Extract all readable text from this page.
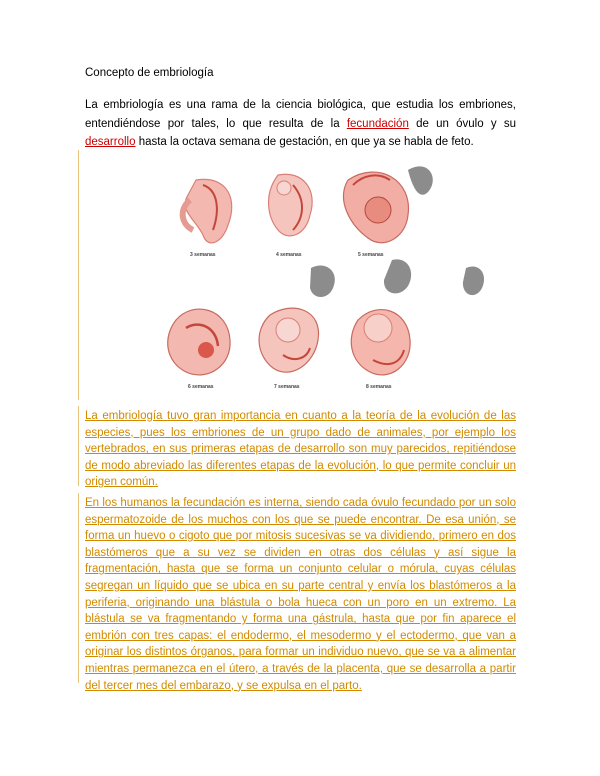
Concepto de embriología
La embriología es una rama de la ciencia biológica, que estudia los embriones, entendiéndose por tales, lo que resulta de la fecundación de un óvulo y su desarrollo hasta la octava semana de gestación, en que ya se habla de feto.
3 semanas	4 semanas	5 semanas
6 semanas	7 semanas	8 semanas
La embriología tuvo gran importancia en cuanto a la teoría de la evolución de las especies, pues los embriones de un grupo dado de animales, por ejemplo los vertebrados, en sus primeras etapas de desarrollo son muy parecidos, repitiéndose de modo abreviado las diferentes etapas de la evolución, lo que permite concluir un origen común.
En los humanos la fecundación es interna, siendo cada óvulo fecundado por un solo espermatozoide de los muchos con los que se puede encontrar. De esa unión, se forma un huevo o cigoto que por mitosis sucesivas se va dividiendo, primero en dos blastómeros que a su vez se dividen en otras dos células y así sigue la fragmentación, hasta que se forma un conjunto celular o mórula, cuyas células segregan un líquido que se ubica en su parte central y envía los blastómeros a la periferia, originando una blástula o bola hueca con un poro en un extremo. La blástula se va fragmentando y forma una gástrula, hasta que por fin aparece el embrión con tres capas: el endodermo, el mesodermo y el ectodermo, que van a originar los distintos órganos, para formar un individuo nuevo, que se va a alimentar mientras permanezca en el útero, a través de la placenta, que se desarrolla a partir del tercer mes del embarazo, y se expulsa en el parto.
